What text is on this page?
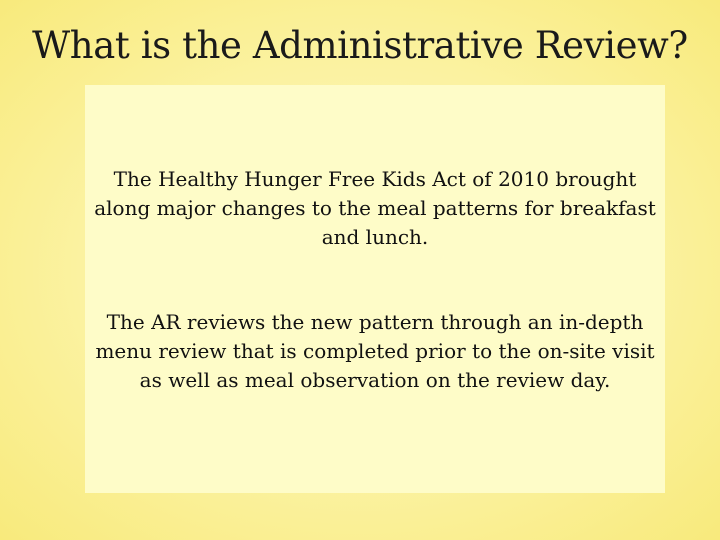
What is the Administrative Review?
The Healthy Hunger Free Kids Act of 2010 brought along major changes to the meal patterns for breakfast and lunch.
The AR reviews the new pattern through an in-depth menu review that is completed prior to the on-site visit as well as meal observation on the review day.
